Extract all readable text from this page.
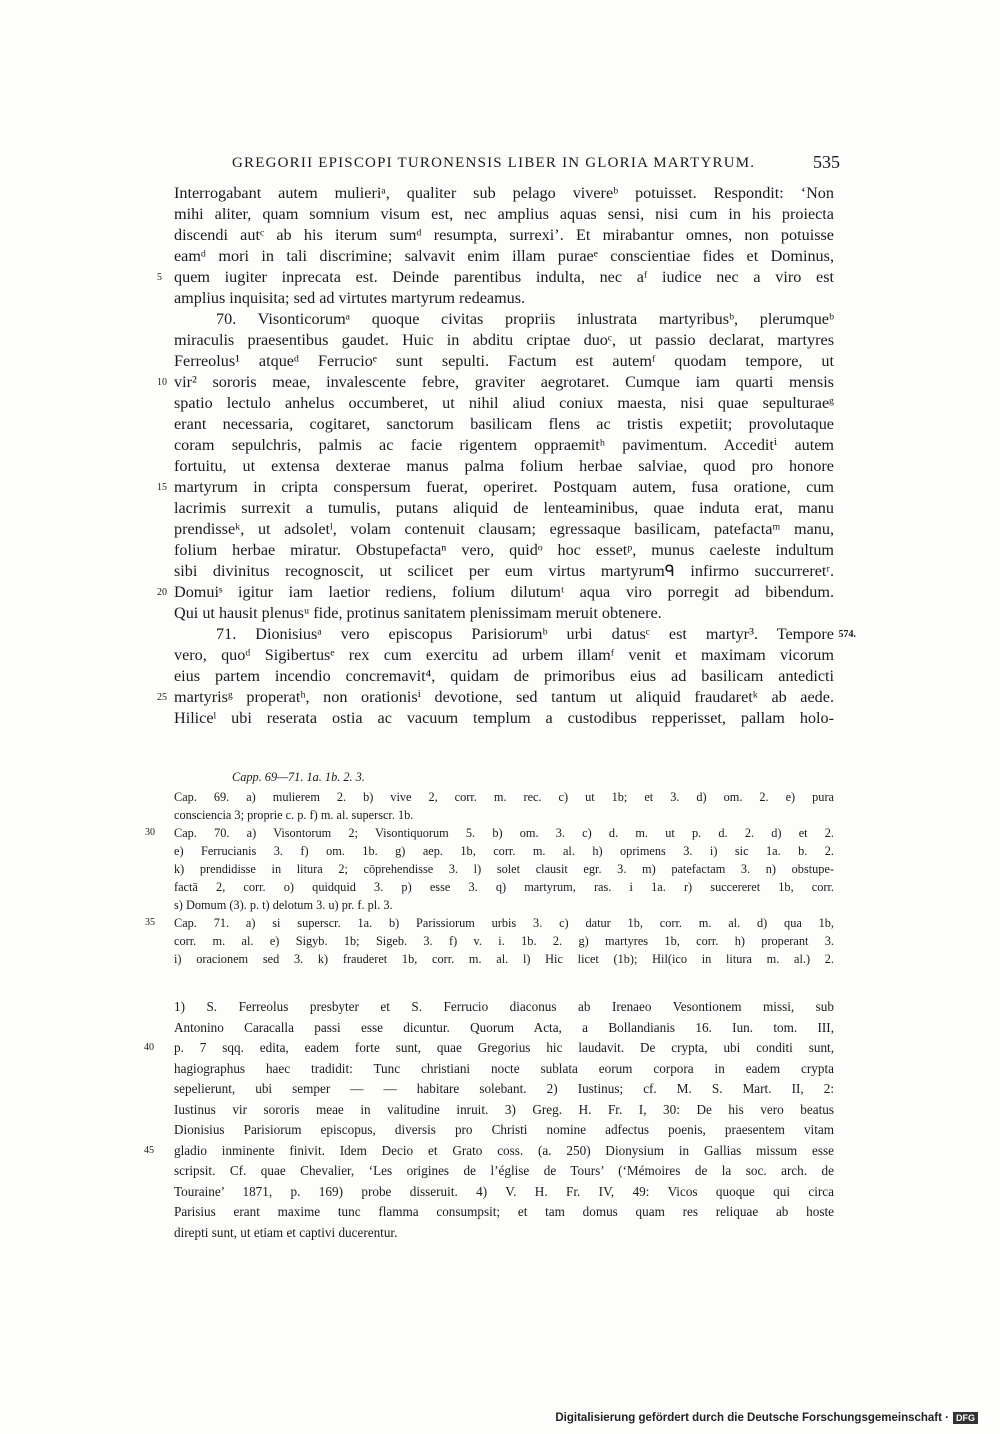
GREGORII EPISCOPI TURONENSIS LIBER IN GLORIA MARTYRUM.	535
Interrogabant autem mulieriᵃ, qualiter sub pelago vivereᵇ potuisset. Respondit: ‘Non
mihi aliter, quam somnium visum est, nec amplius aquas sensi, nisi cum in his proiecta
discendi autᶜ ab his iterum sumᵈ resumpta, surrexi’. Et mirabantur omnes, non potuisse
eamᵈ mori in tali discrimine; salvavit enim illam puraeᵉ conscientiae fides et Dominus,
5 quem iugiter inprecata est. Deinde parentibus indulta, nec aᶠ iudice nec a viro est
amplius inquisita; sed ad virtutes martyrum redeamus.
70. Visonticorumᵃ quoque civitas propriis inlustrata martyribusᵇ, plerumqueᵇ
miraculis praesentibus gaudet. Huic in abditu criptae duoᶜ, ut passio declarat, martyres
Ferreolus¹ atqueᵈ Ferrucioᵉ sunt sepulti. Factum est autemᶠ quodam tempore, ut
10 vir² sororis meae, invalescente febre, graviter aegrotaret. Cumque iam quarti mensis
spatio lectulo anhelus occumberet, ut nihil aliud coniux maesta, nisi quae sepulturaeᵍ
erant necessaria, cogitaret, sanctorum basilicam flens ac tristis expetiit; provolutaque
coram sepulchris, palmis ac facie rigentem oppraemitʰ pavimentum. Acceditⁱ autem
fortuitu, ut extensa dexterae manus palma folium herbae salviae, quod pro honore
15 martyrum in cripta conspersum fuerat, operiret. Postquam autem, fusa oratione, cum
lacrimis surrexit a tumulis, putans aliquid de lenteaminibus, quae induta erat, manu
prendisseᵏ, ut adsoletˡ, volam contenuit clausam; egressaque basilicam, patefactaᵐ manu,
folium herbae miratur. Obstupefactaⁿ vero, quidᵒ hoc essetᵖ, munus caeleste indultum
sibi divinitus recognoscit, ut scilicet per eum virtus martyrumᑫ infirmo succurreretʳ.
20 Domuiˢ igitur iam laetior rediens, folium dilutumᵗ aqua viro porregit ad bibendum.
Qui ut hausit plenusᵘ fide, protinus sanitatem plenissimam meruit obtenere.
71. Dionisiusᵃ vero episcopus Parisiorumᵇ urbi datusᶜ est martyr³. Tempore 574.
vero, quoᵈ Sigibertusᵉ rex cum exercitu ad urbem illamᶠ venit et maximam vicorum
eius partem incendio concremavit⁴, quidam de primoribus eius ad basilicam antedicti
25 martyrisᵍ properatʰ, non orationisⁱ devotione, sed tantum ut aliquid fraudaretᵏ ab aede.
Hiliceˡ ubi reserata ostia ac vacuum templum a custodibus repperisset, pallam holo-
Capp. 69—71. 1a. 1b. 2. 3.
Cap. 69. a) mulierem 2. b) vive 2, corr. m. rec. c) ut 1b; et 3. d) om. 2. e) pura
consciencia 3; proprie c. p. f) m. al. superscr. 1b.
30 Cap. 70. a) Visontorum 2; Visontiquorum 5. b) om. 3. c) d. m. ut p. d. 2. d) et 2.
e) Ferrucianis 3. f) om. 1b. g) aep. 1b, corr. m. al. h) oprimens 3. i) sic 1a. b. 2.
k) prendidisse in litura 2; cōprehendisse 3. l) solet clausit egr. 3. m) patefactam 3. n) obstupe-
factā 2, corr. o) quidquid 3. p) esse 3. q) martyrum, ras. i 1a. r) succereret 1b, corr.
s) Domum (3). p. t) delotum 3. u) pr. f. pl. 3.
35 Cap. 71. a) si superscr. 1a. b) Parissiorum urbis 3. c) datur 1b, corr. m. al. d) qua 1b,
corr. m. al. e) Sigyb. 1b; Sigeb. 3. f) v. i. 1b. 2. g) martyres 1b, corr. h) properant 3.
i) oracionem sed 3. k) frauderet 1b, corr. m. al. l) Hic licet (1b); Hil(ico in litura m. al.) 2.
1) S. Ferreolus presbyter et S. Ferrucio diaconus ab Irenaeo Vesontionem missi, sub
Antonino Caracalla passi esse dicuntur. Quorum Acta, a Bollandianis 16. Iun. tom. III,
40 p. 7 sqq. edita, eadem forte sunt, quae Gregorius hic laudavit. De crypta, ubi conditi sunt,
hagiographus haec tradidit: Tunc christiani nocte sublata eorum corpora in eadem crypta
sepelierunt, ubi semper — — habitare solebant. 2) Iustinus; cf. M. S. Mart. II, 2:
Iustinus vir sororis meae in valitudine inruit. 3) Greg. H. Fr. I, 30: De his vero beatus
Dionisius Parisiorum episcopus, diversis pro Christi nomine adfectus poenis, praesentem vitam
45 gladio inminente finivit. Idem Decio et Grato coss. (a. 250) Dionysium in Gallias missum esse
scripsit. Cf. quae Chevalier, ‘Les origines de l’église de Tours’ (‘Mémoires de la soc. arch. de
Touraine’ 1871, p. 169) probe disseruit. 4) V. H. Fr. IV, 49: Vicos quoque qui circa
Parisius erant maxime tunc flamma consumpsit; et tam domus quam res reliquae ab hoste
direpti sunt, ut etiam et captivi ducerentur.
Digitalisierung gefördert durch die Deutsche Forschungsgemeinschaft · DFG
